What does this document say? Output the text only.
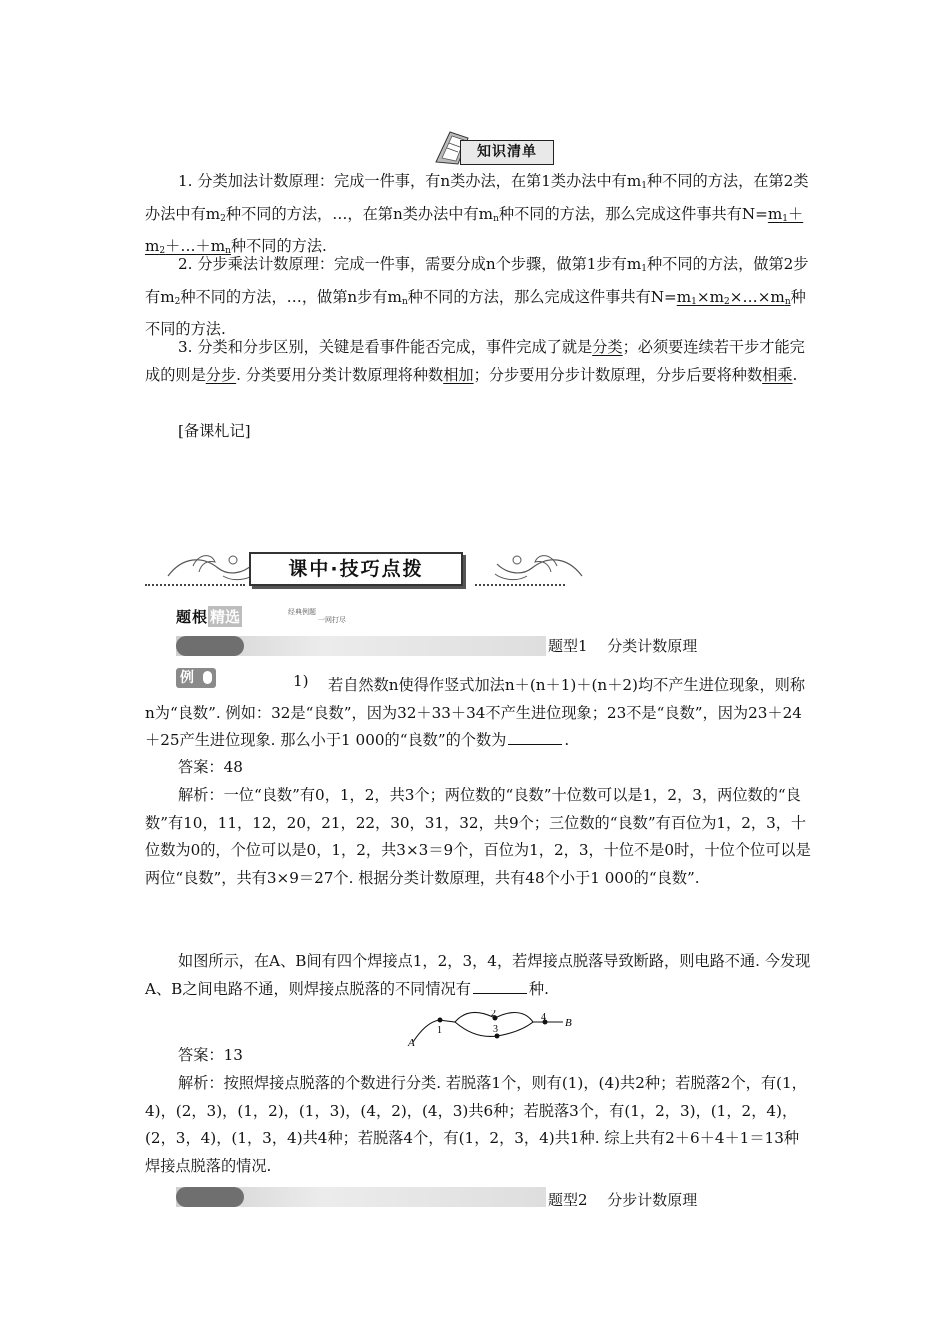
知识清单

1. 分类加法计数原理：完成一件事，有n类办法，在第1类办法中有$m_1$种不同的方法，在第2类办法中有$m_2$种不同的方法，…，在第n类办法中有$m_n$种不同的方法，那么完成这件事共有$N=m_1+m_2+\dots+m_n$种不同的方法.

2. 分步乘法计数原理：完成一件事，需要分成n个步骤，做第1步有$m_1$种不同的方法，做第2步有$m_2$种不同的方法，…，做第n步有$m_n$种不同的方法，那么完成这件事共有$N=m_1\times m_2\times\dots\times m_n$种不同的方法.

3. 分类和分步区别，关键是看事件能否完成，事件完成了就是分类；必须要连续若干步才能完成的则是分步. 分类要用分类计数原理将种数相加；分步要用分步计数原理，分步后要将种数相乘.

[备课札记]

课中·技巧点拨
题根 精选	经典例题
一网打尽
题型1　 分类计数原理
例	1)	若自然数n使得作竖式加法n＋(n＋1)＋(n＋2)均不产生进位现象，则称n为“良数”. 例如：32是“良数”，因为32＋33＋34不产生进位现象；23不是“良数”，因为23＋24＋25产生进位现象. 那么小于1 000的“良数”的个数为	.

答案：48

解析：一位“良数”有0，1，2，共3个；两位数的“良数”十位数可以是1，2，3，两位数的“良数”有10，11，12，20，21，22，30，31，32，共9个；三位数的“良数”有百位为1，2，3，十位数为0的，个位可以是0，1，2，共3×3＝9个，百位为1，2，3，十位不是0时，十位个位可以是两位“良数”，共有3×9＝27个. 根据分类计数原理，共有48个小于1 000的“良数”.

如图所示，在A、B间有四个焊接点1，2，3，4，若焊接点脱落导致断路，则电路不通. 今发现A、B之间电路不通，则焊接点脱落的不同情况有	种.

A
B
1
2
3
4

答案：13

解析：按照焊接点脱落的个数进行分类. 若脱落1个，则有(1)，(4)共2种；若脱落2个，有(1，4)，(2，3)，(1，2)，(1，3)，(4，2)，(4，3)共6种；若脱落3个，有(1，2，3)，(1，2，4)，(2，3，4)，(1，3，4)共4种；若脱落4个，有(1，2，3，4)共1种. 综上共有2＋6＋4＋1＝13种焊接点脱落的情况.

题型2　 分步计数原理
